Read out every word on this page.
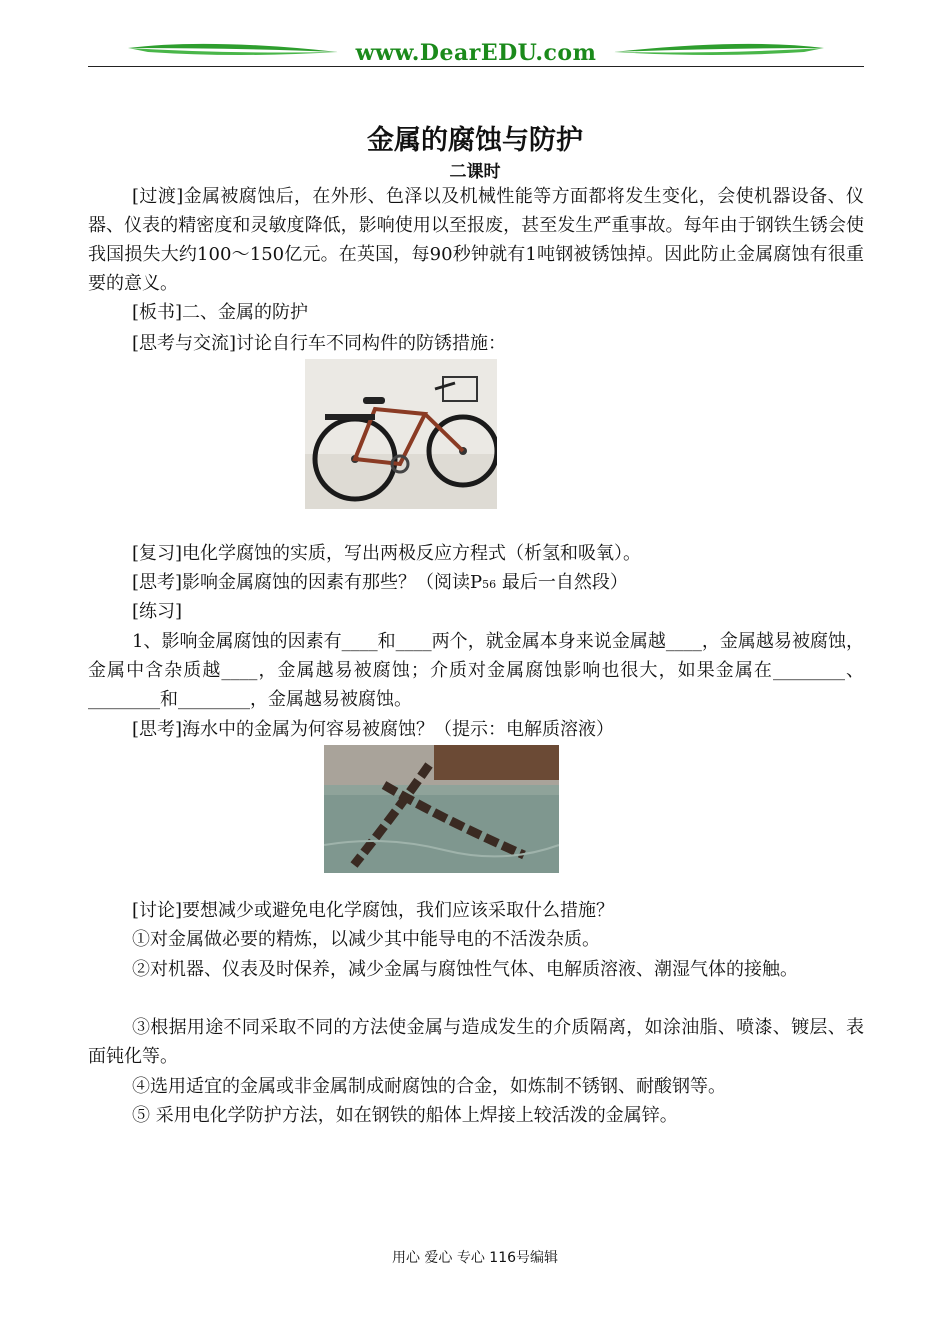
www.DearEDU.com
金属的腐蚀与防护
二课时
[过渡]金属被腐蚀后，在外形、色泽以及机械性能等方面都将发生变化，会使机器设备、仪器、仪表的精密度和灵敏度降低，影响使用以至报废，甚至发生严重事故。每年由于钢铁生锈会使我国损失大约100～150亿元。在英国，每90秒钟就有1吨钢被锈蚀掉。因此防止金属腐蚀有很重要的意义。
[板书]二、金属的防护
[思考与交流]讨论自行车不同构件的防锈措施：
[复习]电化学腐蚀的实质，写出两极反应方程式（析氢和吸氧）。
[思考]影响金属腐蚀的因素有那些？（阅读P56 最后一自然段）
[练习]
1、影响金属腐蚀的因素有____和____两个，就金属本身来说金属越____，金属越易被腐蚀，金属中含杂质越____，金属越易被腐蚀；介质对金属腐蚀影响也很大，如果金属在________、________和________，金属越易被腐蚀。
[思考]海水中的金属为何容易被腐蚀？（提示：电解质溶液）
[讨论]要想减少或避免电化学腐蚀，我们应该采取什么措施？
①对金属做必要的精炼，以减少其中能导电的不活泼杂质。
②对机器、仪表及时保养，减少金属与腐蚀性气体、电解质溶液、潮湿气体的接触。
③根据用途不同采取不同的方法使金属与造成发生的介质隔离，如涂油脂、喷漆、镀层、表面钝化等。
④选用适宜的金属或非金属制成耐腐蚀的合金，如炼制不锈钢、耐酸钢等。
⑤ 采用电化学防护方法，如在钢铁的船体上焊接上较活泼的金属锌。
用心 爱心 专心 116号编辑
